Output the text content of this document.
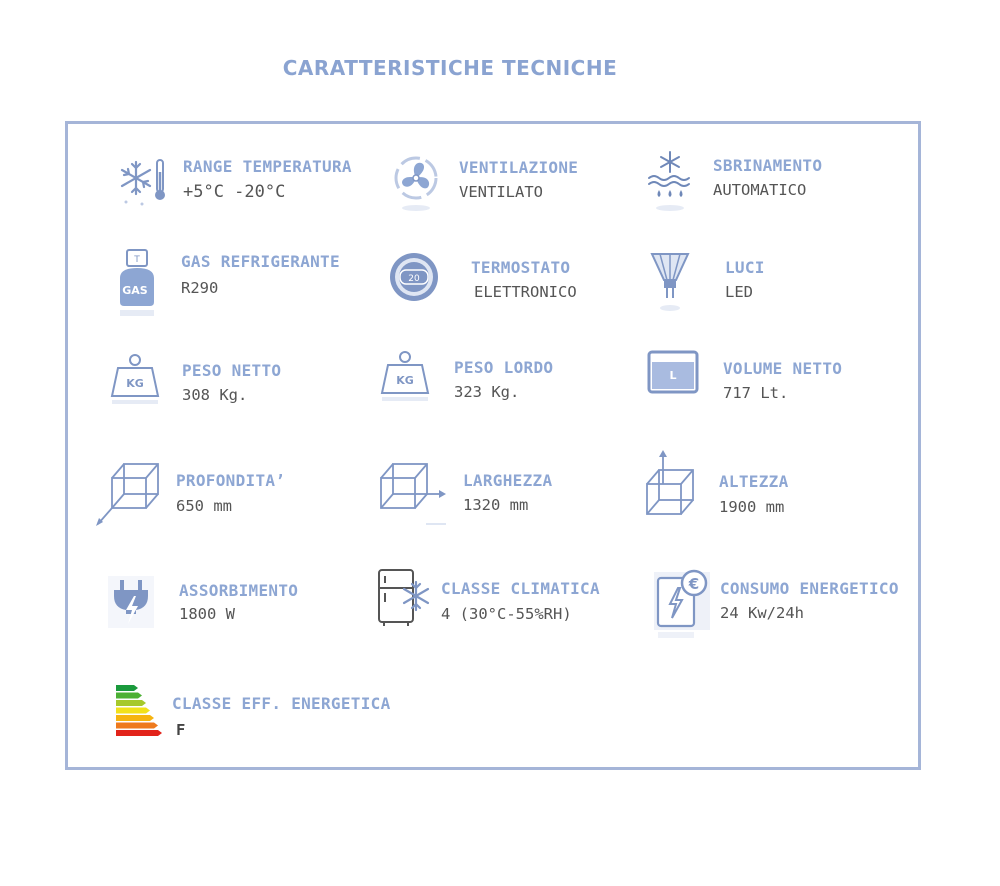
CARATTERISTICHE TECNICHE
RANGE TEMPERATURA
+5°C -20°C
VENTILAZIONE
VENTILATO
SBRINAMENTO
AUTOMATICO
T
GAS
GAS REFRIGERANTE
R290	20
TERMOSTATO
ELETTRONICO
LUCI
LED
KG
PESO NETTO
308 Kg.
KG
PESO LORDO
323 Kg.
L	VOLUME NETTO
717 Lt.
PROFONDITA’
650 mm
LARGHEZZA
1320 mm
ALTEZZA
1900 mm
ASSORBIMENTO
1800 W
CLASSE CLIMATICA
4 (30°C-55%RH)
€ CONSUMO ENERGETICO
24 Kw/24h
CLASSE EFF. ENERGETICA
F
